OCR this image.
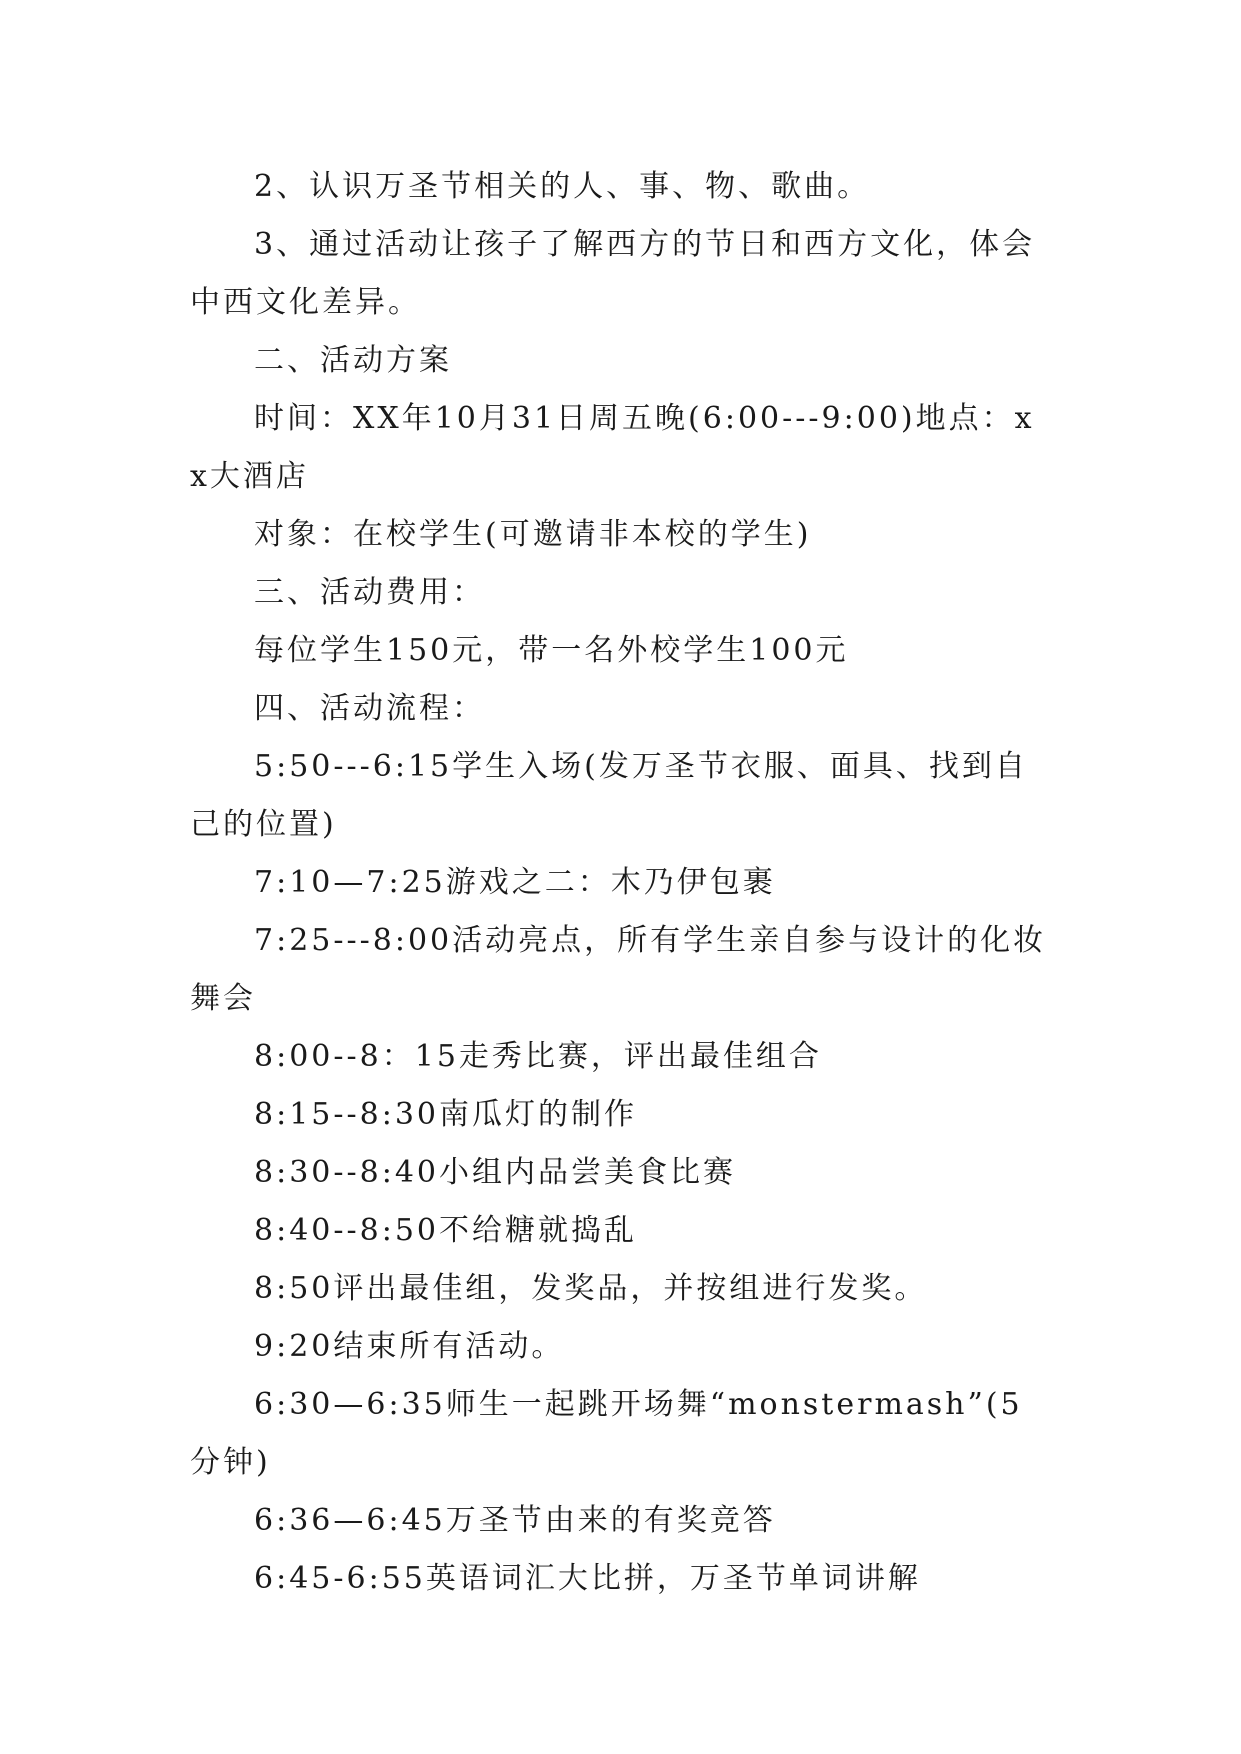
2、认识万圣节相关的人、事、物、歌曲。

3、通过活动让孩子了解西方的节日和西方文化，体会中西文化差异。

二、活动方案

时间：XX年10月31日周五晚(6:00---9:00)地点：xx大酒店

对象：在校学生(可邀请非本校的学生)

三、活动费用：

每位学生150元，带一名外校学生100元

四、活动流程：

5:50---6:15学生入场(发万圣节衣服、面具、找到自己的位置)

7:10—7:25游戏之二：木乃伊包裹

7:25---8:00活动亮点，所有学生亲自参与设计的化妆舞会

8:00--8：15走秀比赛，评出最佳组合

8:15--8:30南瓜灯的制作

8:30--8:40小组内品尝美食比赛

8:40--8:50不给糖就捣乱

8:50评出最佳组，发奖品，并按组进行发奖。

9:20结束所有活动。

6:30—6:35师生一起跳开场舞“monstermash”(5分钟)

6:36—6:45万圣节由来的有奖竞答

6:45-6:55英语词汇大比拼，万圣节单词讲解
